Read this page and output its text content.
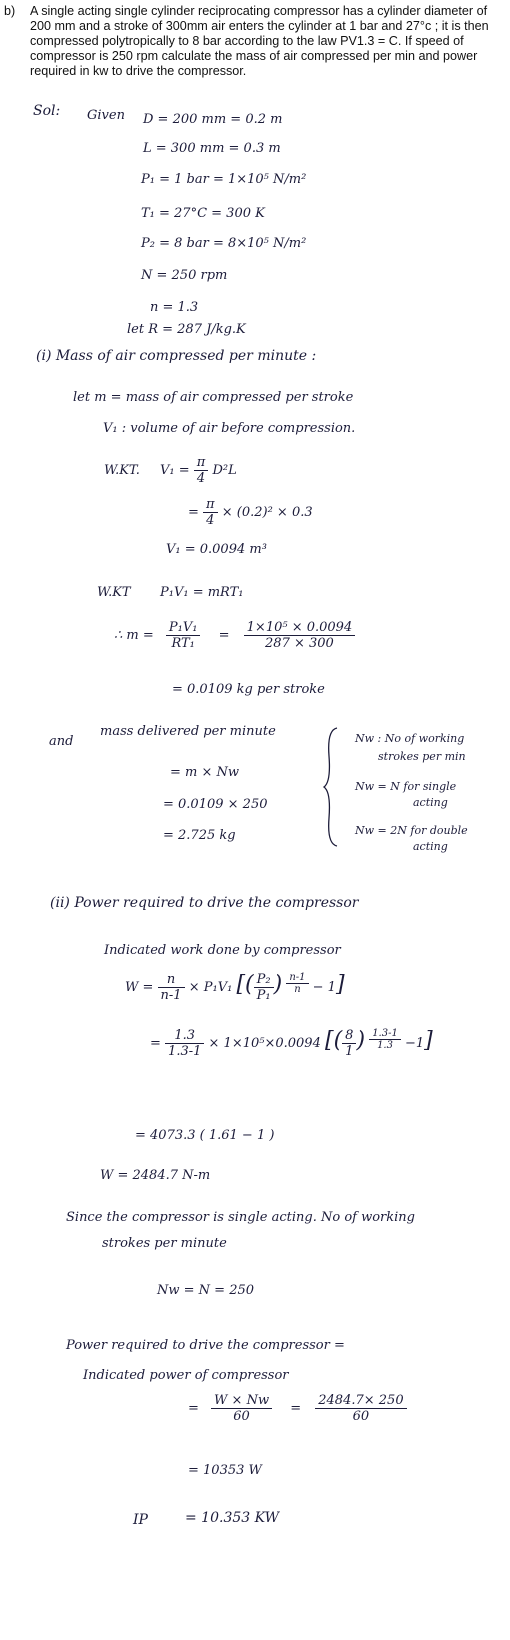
b) A single acting single cylinder reciprocating compressor has a cylinder diameter of 200 mm and a stroke of 300mm air enters the cylinder at 1 bar and 27°c ; it is then compressed polytropically to 8 bar according to the law PV1.3 = C. If speed of compressor is 250 rpm calculate the mass of air compressed per min and power required in kw to drive the compressor.
Sol: Given D = 200 mm = 0.2 m
L = 300 mm = 0.3 m
P₁ = 1 bar = 1×10⁵ N/m²
T₁ = 27°C = 300 K
P₂ = 8 bar = 8×10⁵ N/m²
N = 250 rpm
n = 1.3
let R = 287 J/kg.K
(i) Mass of air compressed per minute :
let m = mass of air compressed per stroke
V₁ : volume of air before compression.
W.KT. $V_1 = \frac{\pi}{4} D^2L$
= $\frac{\pi}{4} \times (0.2)^2 \times 0.3$
V₁ = 0.0094 m³
W.KT P₁V₁ = mRT₁
∴ $m = \frac{\text{P₁V₁}}{\text{RT₁}} = \frac{\text{1×10⁵ × 0.0094}}{287 \times 300}$
= 0.0109 kg per stroke
and
mass delivered per minute
= m × Nw
= 0.0109 × 250
= 2.725 kg
Nw : No of working
strokes per min
Nw = N for single
acting
Nw = 2N for double
acting
(ii) Power required to drive the compressor
Indicated work done by compressor
$W = \frac{n}{n-1} \times P_1V_1$ [( $\frac{\text{P₂}}{\text{P₁}}$ ) $\frac{n-1}{n} - 1$]
= $\frac{1.3}{1.3-1} \times 1\times 10^5\times 0.0094$ [( $\frac{8}{1}$ ) $\frac{1.3-1}{1.3} -1$]
= 4073.3 ( 1.61 − 1 )
W = 2484.7 N-m
Since the compressor is single acting. No of working
strokes per minute
Nw = N = 250
Power required to drive the compressor =
Indicated power of compressor
= $\frac{W \times Nw}{60} = \frac{2484.7\times 250}{60}$
= 10353 W
IP	= 10.353 KW
